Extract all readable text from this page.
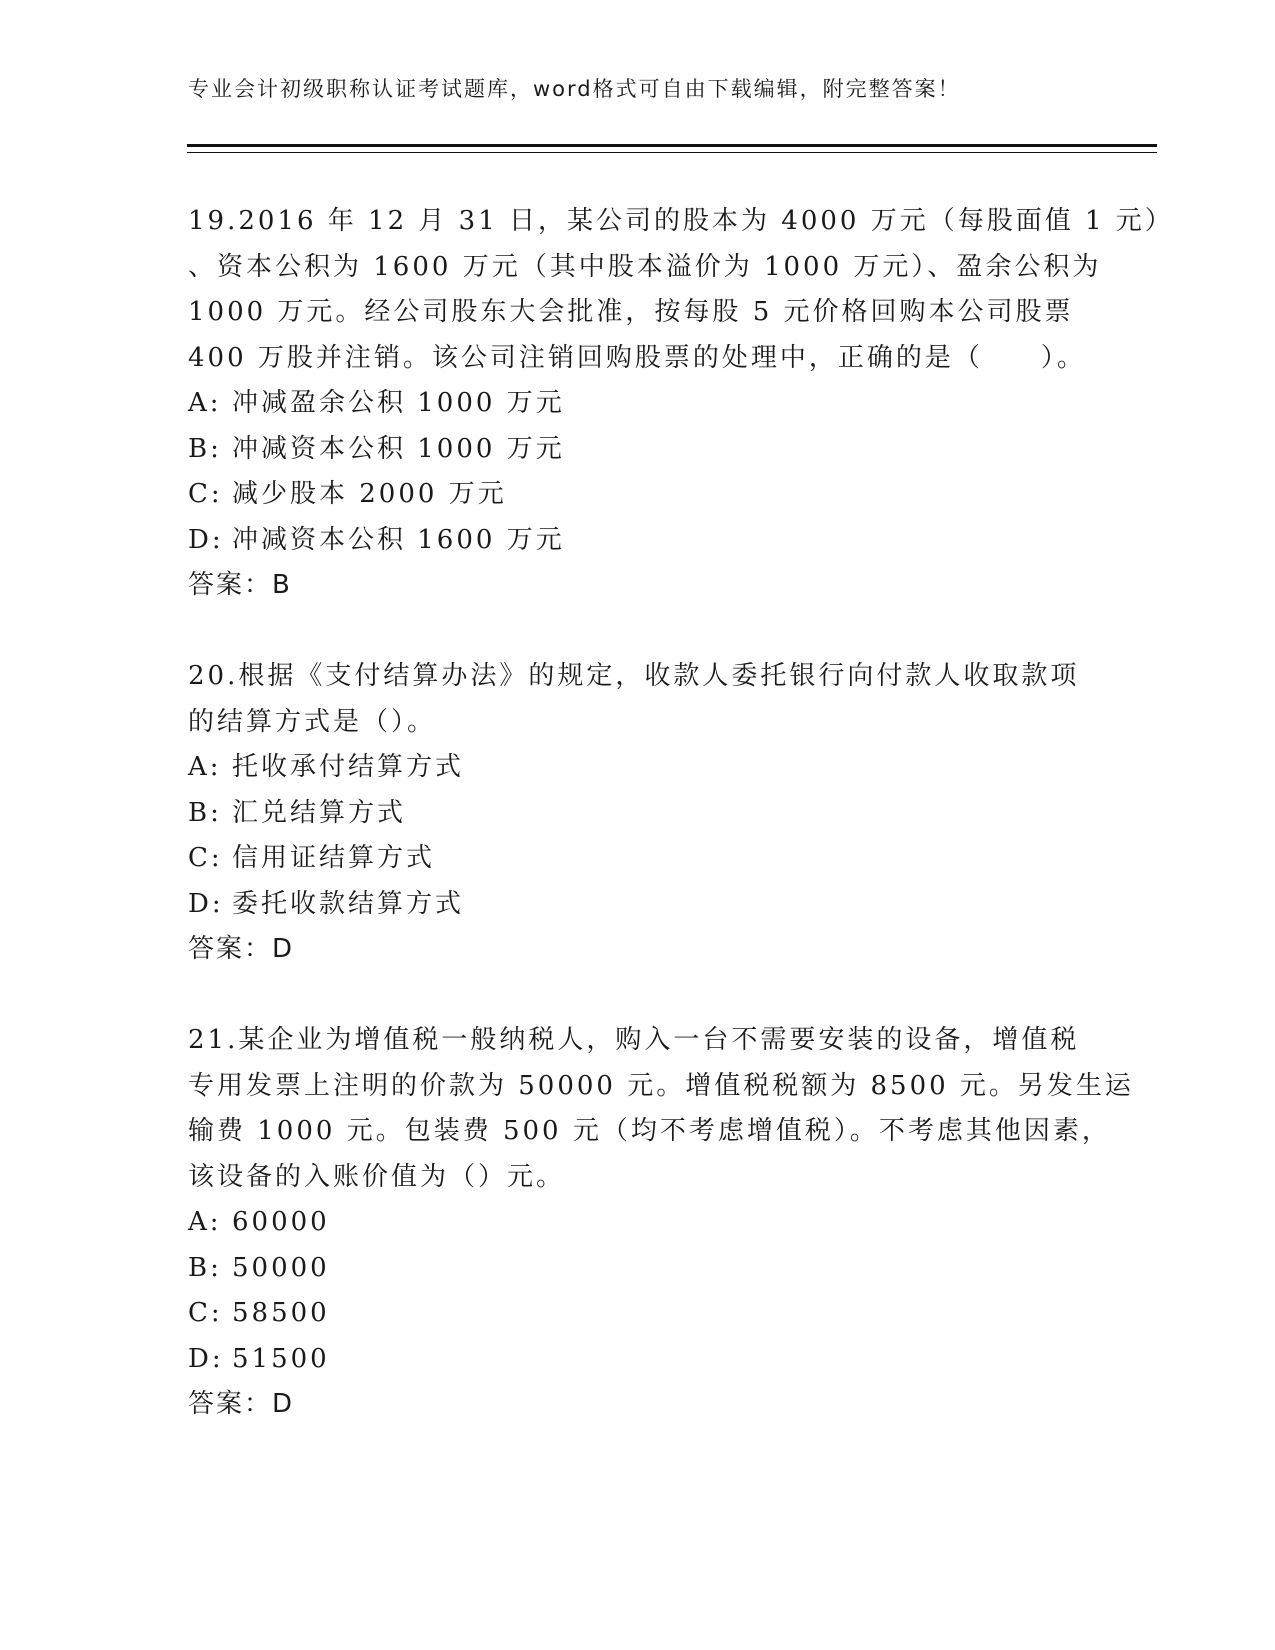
专业会计初级职称认证考试题库，word格式可自由下载编辑，附完整答案！
19.2016 年 12 月 31 日，某公司的股本为 4000 万元（每股面值 1 元）
、资本公积为 1600 万元（其中股本溢价为 1000 万元）、盈余公积为
1000 万元。经公司股东大会批准，按每股 5 元价格回购本公司股票
400 万股并注销。该公司注销回购股票的处理中，正确的是（　　）。
A: 冲减盈余公积 1000 万元
B: 冲减资本公积 1000 万元
C: 减少股本 2000 万元
D: 冲减资本公积 1600 万元
答案：B
20.根据《支付结算办法》的规定，收款人委托银行向付款人收取款项
的结算方式是（）。
A: 托收承付结算方式
B: 汇兑结算方式
C: 信用证结算方式
D: 委托收款结算方式
答案：D
21.某企业为增值税一般纳税人，购入一台不需要安装的设备，增值税
专用发票上注明的价款为 50000 元。增值税税额为 8500 元。另发生运
输费 1000 元。包装费 500 元（均不考虑增值税）。不考虑其他因素，
该设备的入账价值为（）元。
A: 60000
B: 50000
C: 58500
D: 51500
答案：D
